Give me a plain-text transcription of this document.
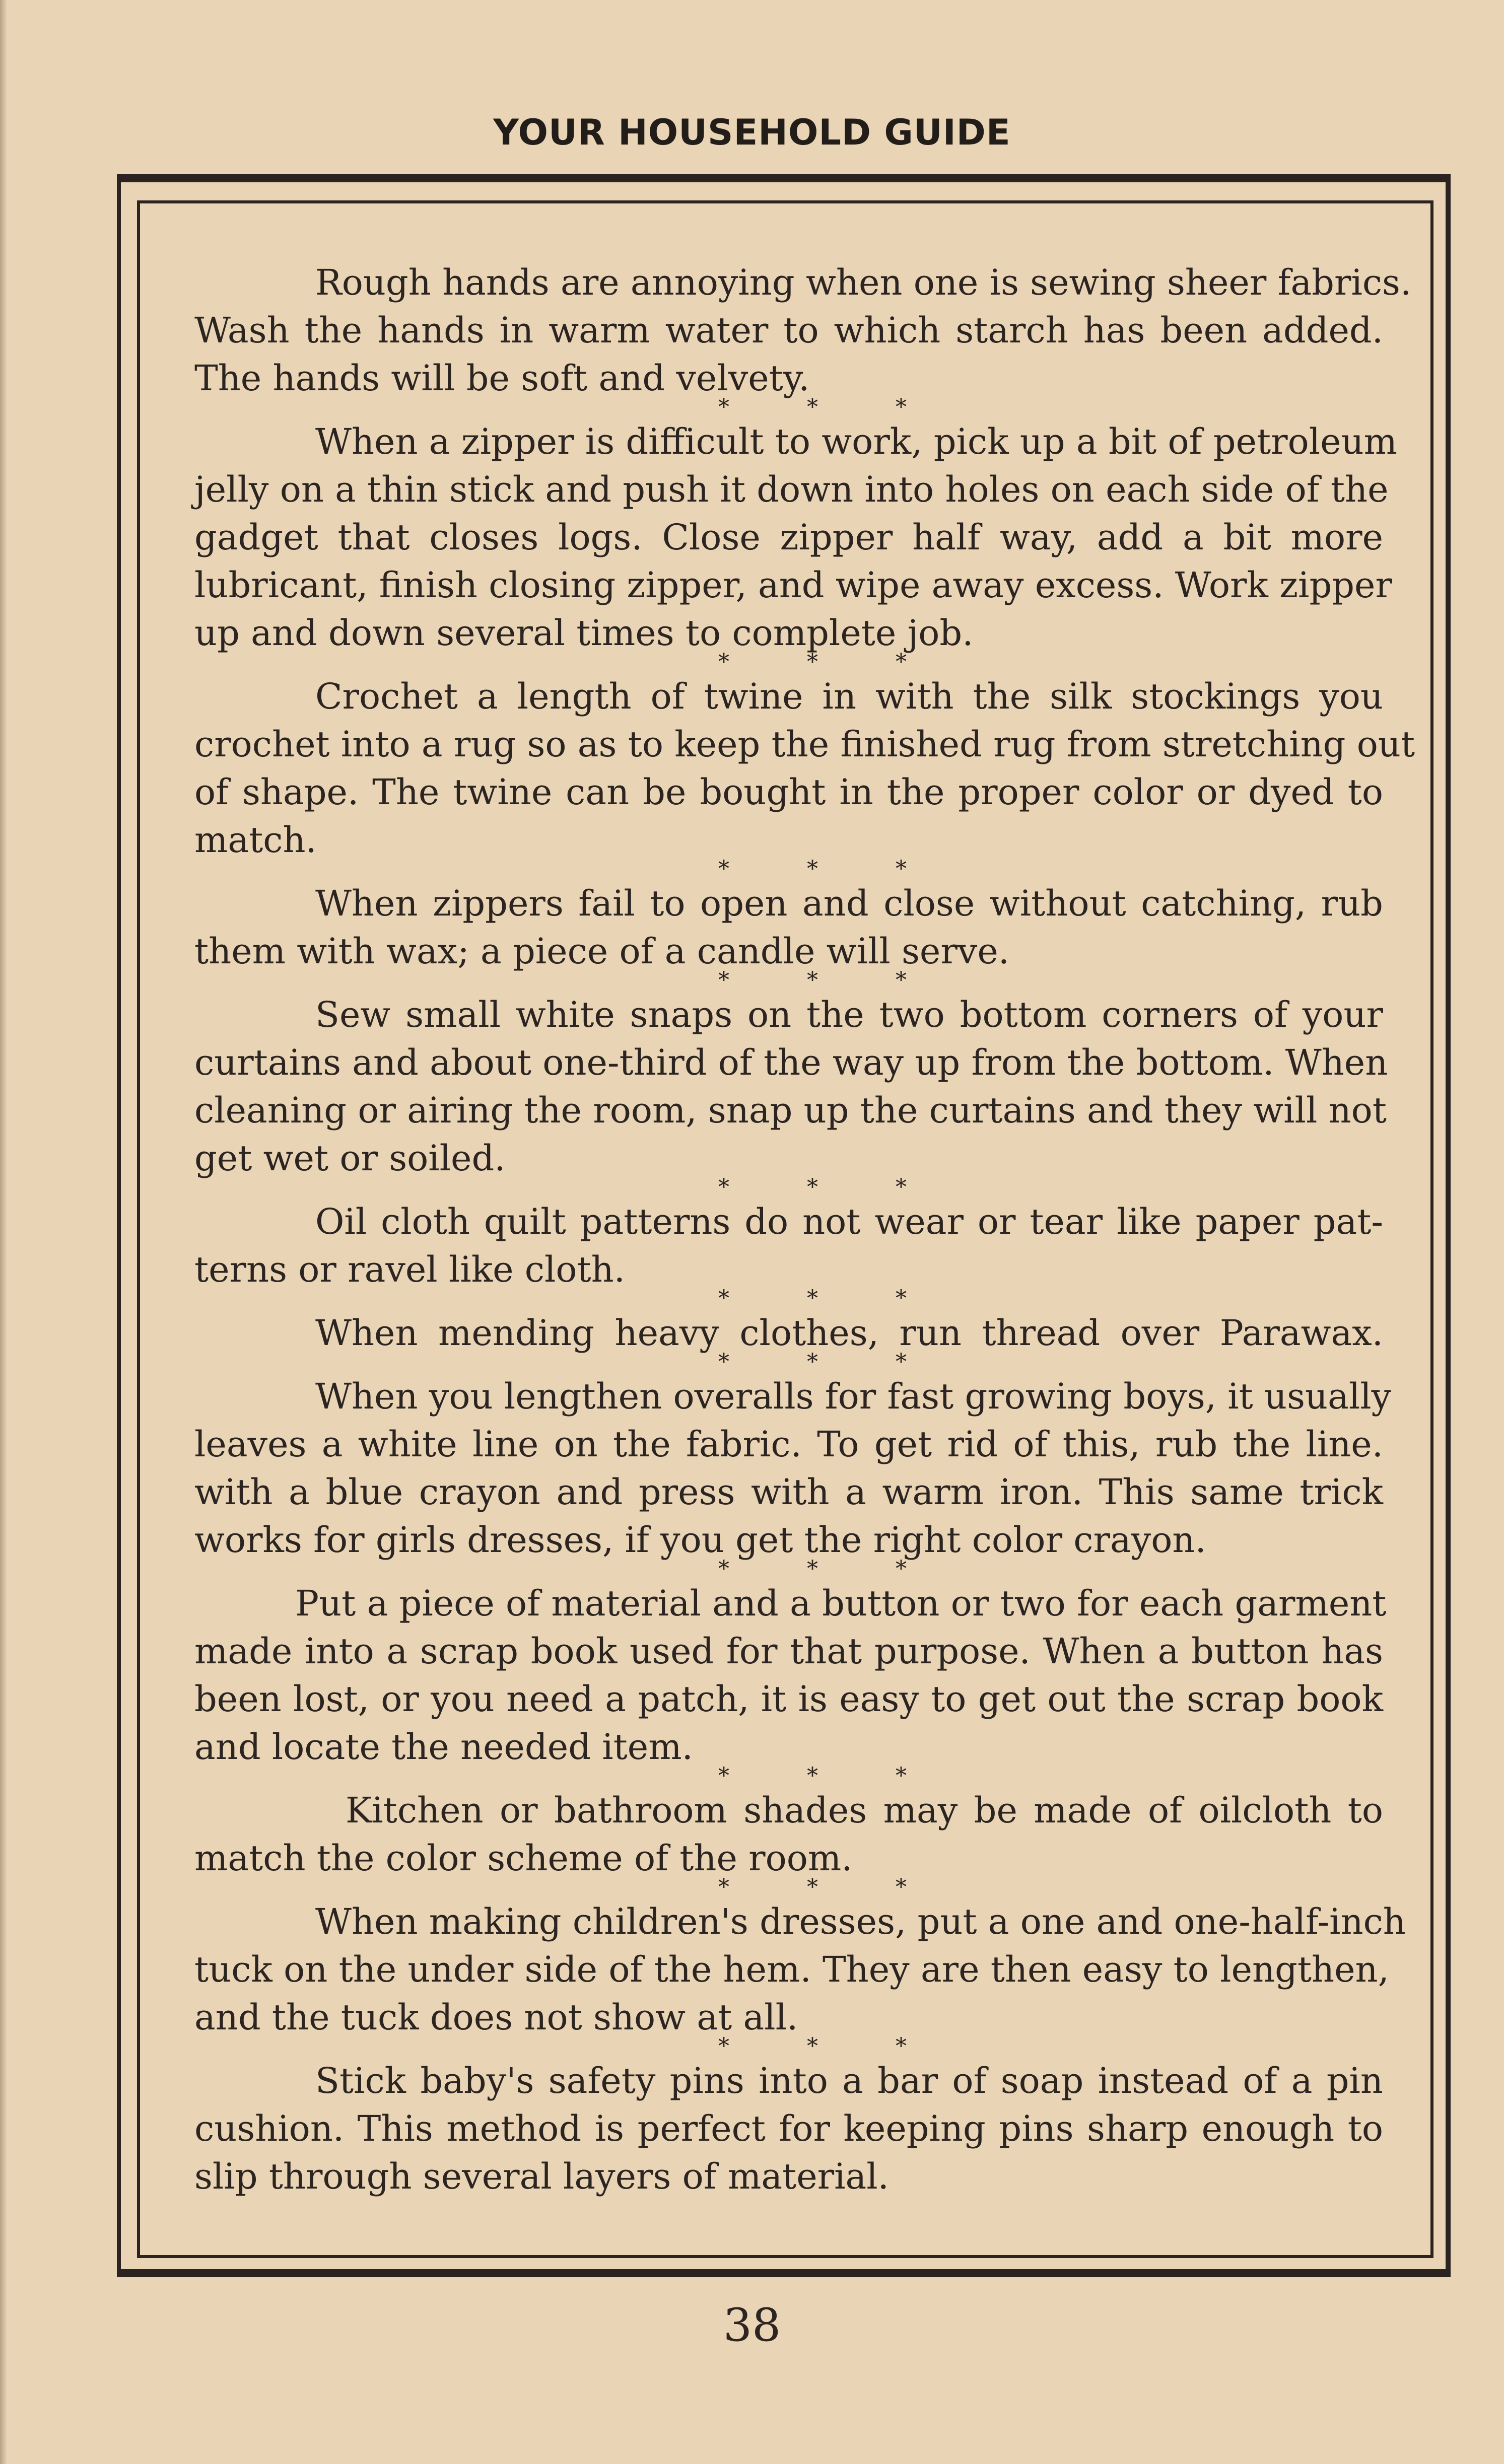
YOUR HOUSEHOLD GUIDE
Rough hands are annoying when one is sewing sheer fabrics.
Wash the hands in warm water to which starch has been added.
The hands will be soft and velvety.
* * *
When a zipper is difficult to work, pick up a bit of petroleum
jelly on a thin stick and push it down into holes on each side of the
gadget that closes logs. Close zipper half way, add a bit more
lubricant, finish closing zipper, and wipe away excess. Work zipper
up and down several times to complete job.
* * *
Crochet a length of twine in with the silk stockings you
crochet into a rug so as to keep the finished rug from stretching out
of shape. The twine can be bought in the proper color or dyed to
match.
* * *
When zippers fail to open and close without catching, rub
them with wax; a piece of a candle will serve.
* * *
Sew small white snaps on the two bottom corners of your
curtains and about one-third of the way up from the bottom. When
cleaning or airing the room, snap up the curtains and they will not
get wet or soiled.
* * *
Oil cloth quilt patterns do not wear or tear like paper pat-
terns or ravel like cloth.
* * *
When mending heavy clothes, run thread over Parawax.
* * *
When you lengthen overalls for fast growing boys, it usually
leaves a white line on the fabric. To get rid of this, rub the line.
with a blue crayon and press with a warm iron. This same trick
works for girls dresses, if you get the right color crayon.
* * *
Put a piece of material and a button or two for each garment
made into a scrap book used for that purpose. When a button has
been lost, or you need a patch, it is easy to get out the scrap book
and locate the needed item.
* * *
Kitchen or bathroom shades may be made of oilcloth to
match the color scheme of the room.
* * *
When making children's dresses, put a one and one-half-inch
tuck on the under side of the hem. They are then easy to lengthen,
and the tuck does not show at all.
* * *
Stick baby's safety pins into a bar of soap instead of a pin
cushion. This method is perfect for keeping pins sharp enough to
slip through several layers of material.
38
